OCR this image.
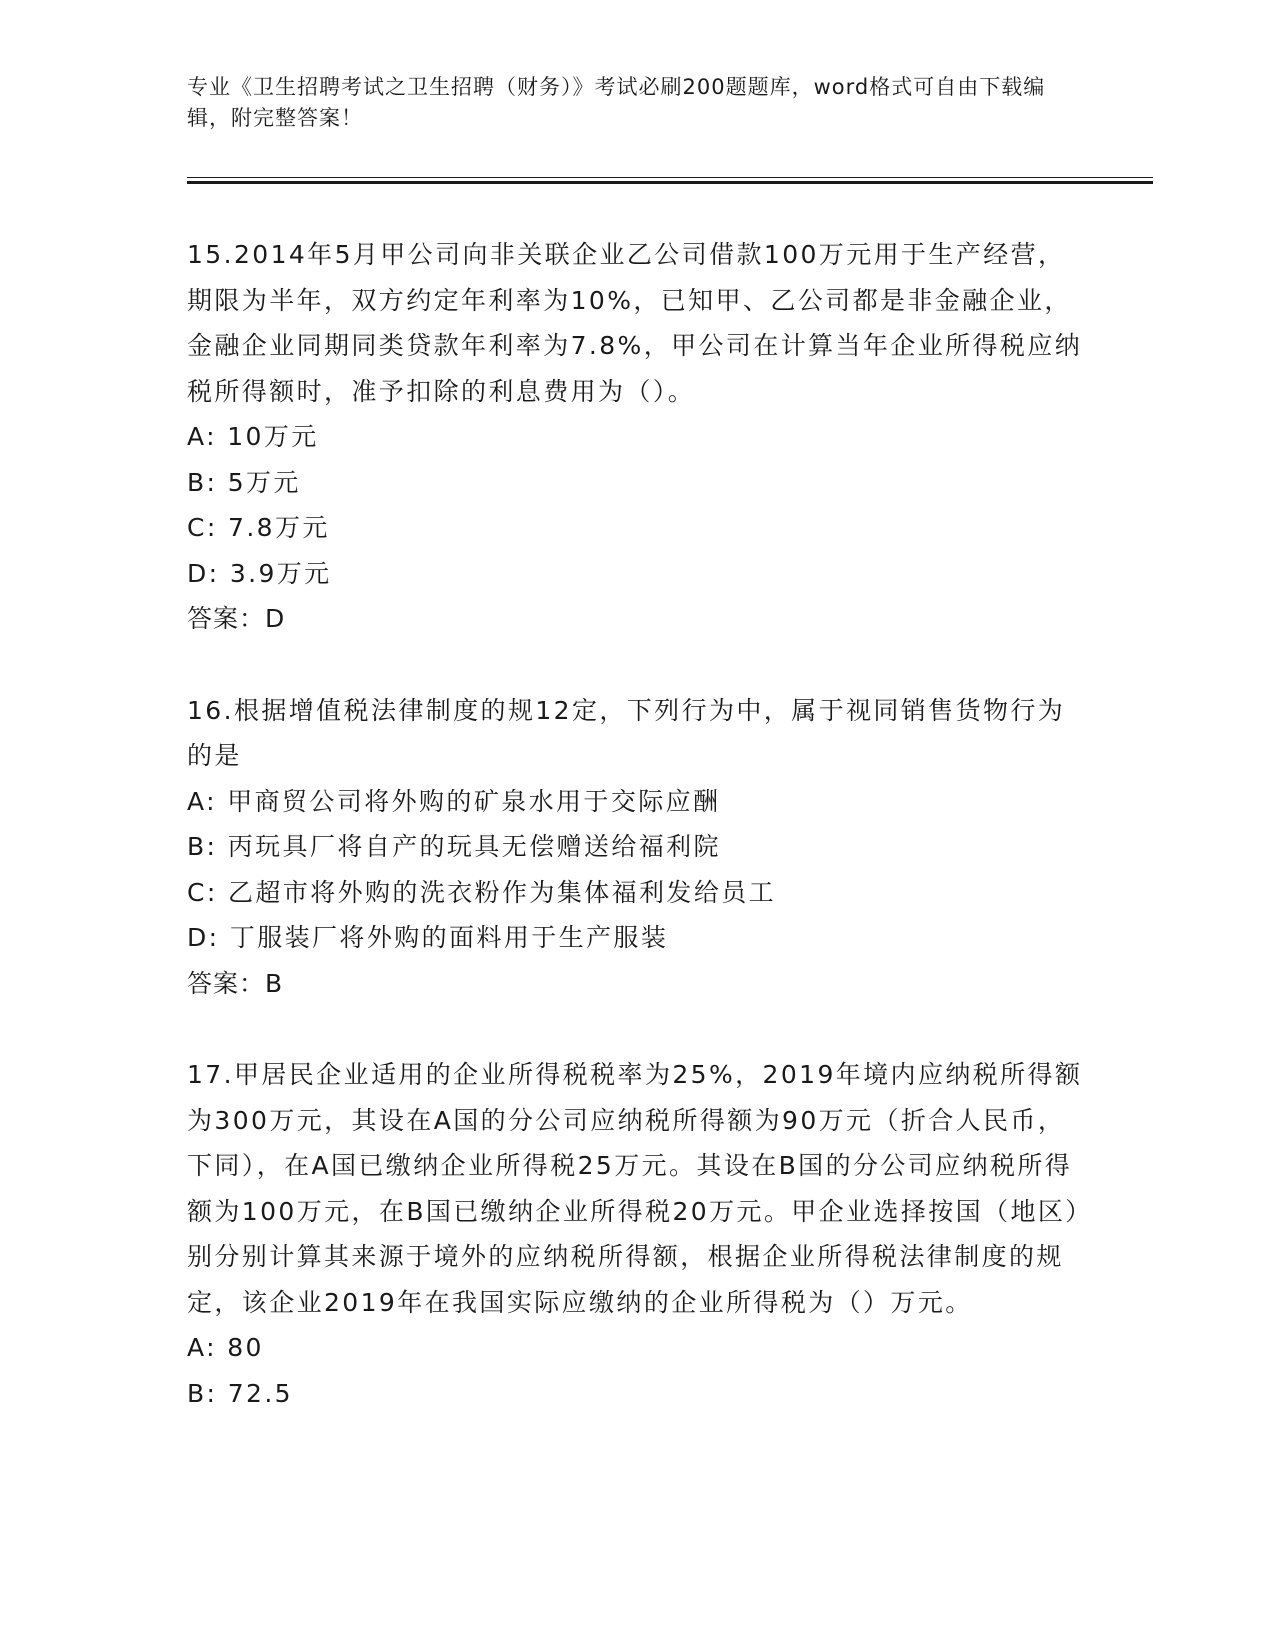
专业《卫生招聘考试之卫生招聘（财务）》考试必刷200题题库，word格式可自由下载编辑，附完整答案！

15.2014年5月甲公司向非关联企业乙公司借款100万元用于生产经营，期限为半年，双方约定年利率为10%，已知甲、乙公司都是非金融企业，金融企业同期同类贷款年利率为7.8%，甲公司在计算当年企业所得税应纳税所得额时，准予扣除的利息费用为（）。

A: 10万元
B: 5万元
C: 7.8万元
D: 3.9万元

答案：D

16.根据增值税法律制度的规12定，下列行为中，属于视同销售货物行为的是

A: 甲商贸公司将外购的矿泉水用于交际应酬
B: 丙玩具厂将自产的玩具无偿赠送给福利院
C: 乙超市将外购的洗衣粉作为集体福利发给员工
D: 丁服装厂将外购的面料用于生产服装

答案：B

17.甲居民企业适用的企业所得税税率为25%，2019年境内应纳税所得额为300万元，其设在A国的分公司应纳税所得额为90万元（折合人民币，下同），在A国已缴纳企业所得税25万元。其设在B国的分公司应纳税所得额为100万元，在B国已缴纳企业所得税20万元。甲企业选择按国（地区）别分别计算其来源于境外的应纳税所得额，根据企业所得税法律制度的规定，该企业2019年在我国实际应缴纳的企业所得税为（）万元。

A: 80
B: 72.5
